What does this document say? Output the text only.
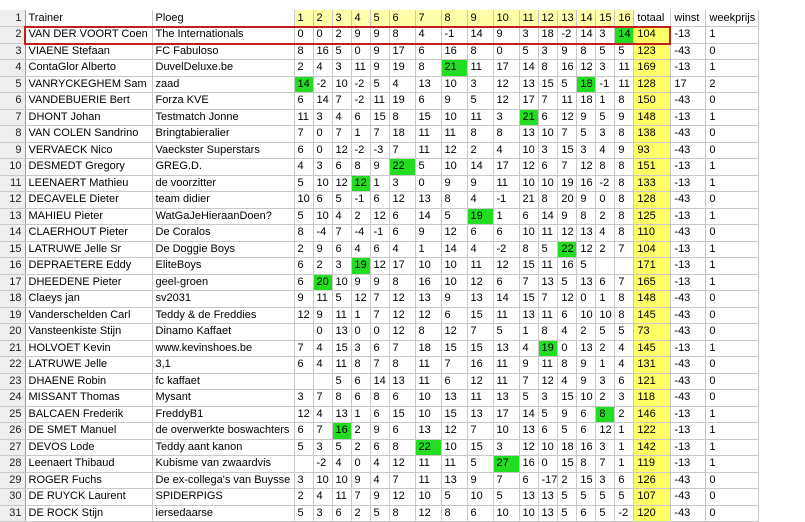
1	Trainer	Ploeg	1	2	3	4	5	6	7	8	9	10	11	12	13	14	15	16	totaal	winst	weekprijs
2	VAN DER VOORT Coen	The Internationals	0	0	2	9	9	8	4	-1	14	9	3	18	-2	14	3	14	104	-13	1
3	VIAENE Stefaan	FC Fabuloso	8	16	5	0	9	17	6	16	8	0	5	3	9	8	5	5	123	-43	0
4	ContaGlor Alberto	DuvelDeluxe.be	2	4	3	11	9	19	8	21	11	17	14	8	16	12	3	11	169	-13	1
5	VANRYCKEGHEM Sam	zaad	14	-2	10	-2	5	4	13	10	3	12	13	15	5	18	-1	11	128	17	2
6	VANDEBUERIE Bert	Forza KVE	6	14	7	-2	11	19	6	9	5	12	17	7	11	18	1	8	150	-43	0
7	DHONT Johan	Testmatch Jonne	11	3	4	6	15	8	15	10	11	3	21	6	12	9	5	9	148	-13	1
8	VAN COLEN Sandrino	Bringtabieralier	7	0	7	1	7	18	11	11	8	8	13	10	7	5	3	8	138	-43	0
9	VERVAECK Nico	Vaeckster Superstars	6	0	12	-2	-3	7	11	12	2	4	10	3	15	3	4	9	93	-43	0
10	DESMEDT Gregory	GREG.D.	4	3	6	8	9	22	5	10	14	17	12	6	7	12	8	8	151	-13	1
11	LEENAERT Mathieu	de voorzitter	5	10	12	12	1	3	0	9	9	11	10	10	19	16	-2	8	133	-13	1
12	DECAVELE Dieter	team didier	10	6	5	-1	6	12	13	8	4	-1	21	8	20	9	0	8	128	-43	0
13	MAHIEU Pieter	WatGaJeHieraanDoen?	5	10	4	2	12	6	14	5	19	1	6	14	9	8	2	8	125	-13	1
14	CLAERHOUT Pieter	De Coralos	8	-4	7	-4	-1	6	9	12	6	6	10	11	12	13	4	8	110	-43	0
15	LATRUWE Jelle Sr	De Doggie Boys	2	9	6	4	6	4	1	14	4	-2	8	5	22	12	2	7	104	-13	1
16	DEPRAETERE Eddy	EliteBoys	6	2	3	19	12	17	10	10	11	12	15	11	16	5			171	-13	1
17	DHEEDENE Pieter	geel-groen	6	20	10	9	9	8	16	10	12	6	7	13	5	13	6	7	165	-13	1
18	Claeys jan	sv2031	9	11	5	12	7	12	13	9	13	14	15	7	12	0	1	8	148	-43	0
19	Vanderschelden Carl	Teddy & de Freddies	12	9	11	1	7	12	12	6	15	11	13	11	6	10	10	8	145	-43	0
20	Vansteenkiste Stijn	Dinamo Kaffaet		0	13	0	0	12	8	12	7	5	1	8	4	2	5	5	73	-43	0
21	HOLVOET Kevin	www.kevinshoes.be	7	4	15	3	6	7	18	15	15	13	4	19	0	13	2	4	145	-13	1
22	LATRUWE Jelle	3,1	6	4	11	8	7	8	11	7	16	11	9	11	8	9	1	4	131	-43	0
23	DHAENE Robin	fc kaffaet			5	6	14	13	11	6	12	11	7	12	4	9	3	6	121	-43	0
24	MISSANT Thomas	Mysant	3	7	8	6	8	6	10	13	11	13	5	3	15	10	2	3	118	-43	0
25	BALCAEN Frederik	FreddyB1	12	4	13	1	6	15	10	15	13	17	14	5	9	6	8	2	146	-13	1
26	DE SMET Manuel	de overwerkte boswachters	6	7	16	2	9	6	13	12	7	10	13	6	5	6	12	1	122	-13	1
27	DEVOS Lode	Teddy aant kanon	5	3	5	2	6	8	22	10	15	3	12	10	18	16	3	1	142	-13	1
28	Leenaert Thibaud	Kubisme van zwaardvis		-2	4	0	4	12	11	11	5	27	16	0	15	8	7	1	119	-13	1
29	ROGER Fuchs	De ex-collega's van Buysse	3	10	10	9	4	7	11	13	9	7	6	-17	2	15	3	6	126	-43	0
30	DE RUYCK Laurent	SPIDERPIGS	2	4	11	7	9	12	10	5	10	5	13	13	5	5	5	5	107	-43	0
31	DE ROCK Stijn	iersedaarse	5	3	6	2	5	8	12	8	6	10	10	13	5	6	5	-2	120	-43	0
